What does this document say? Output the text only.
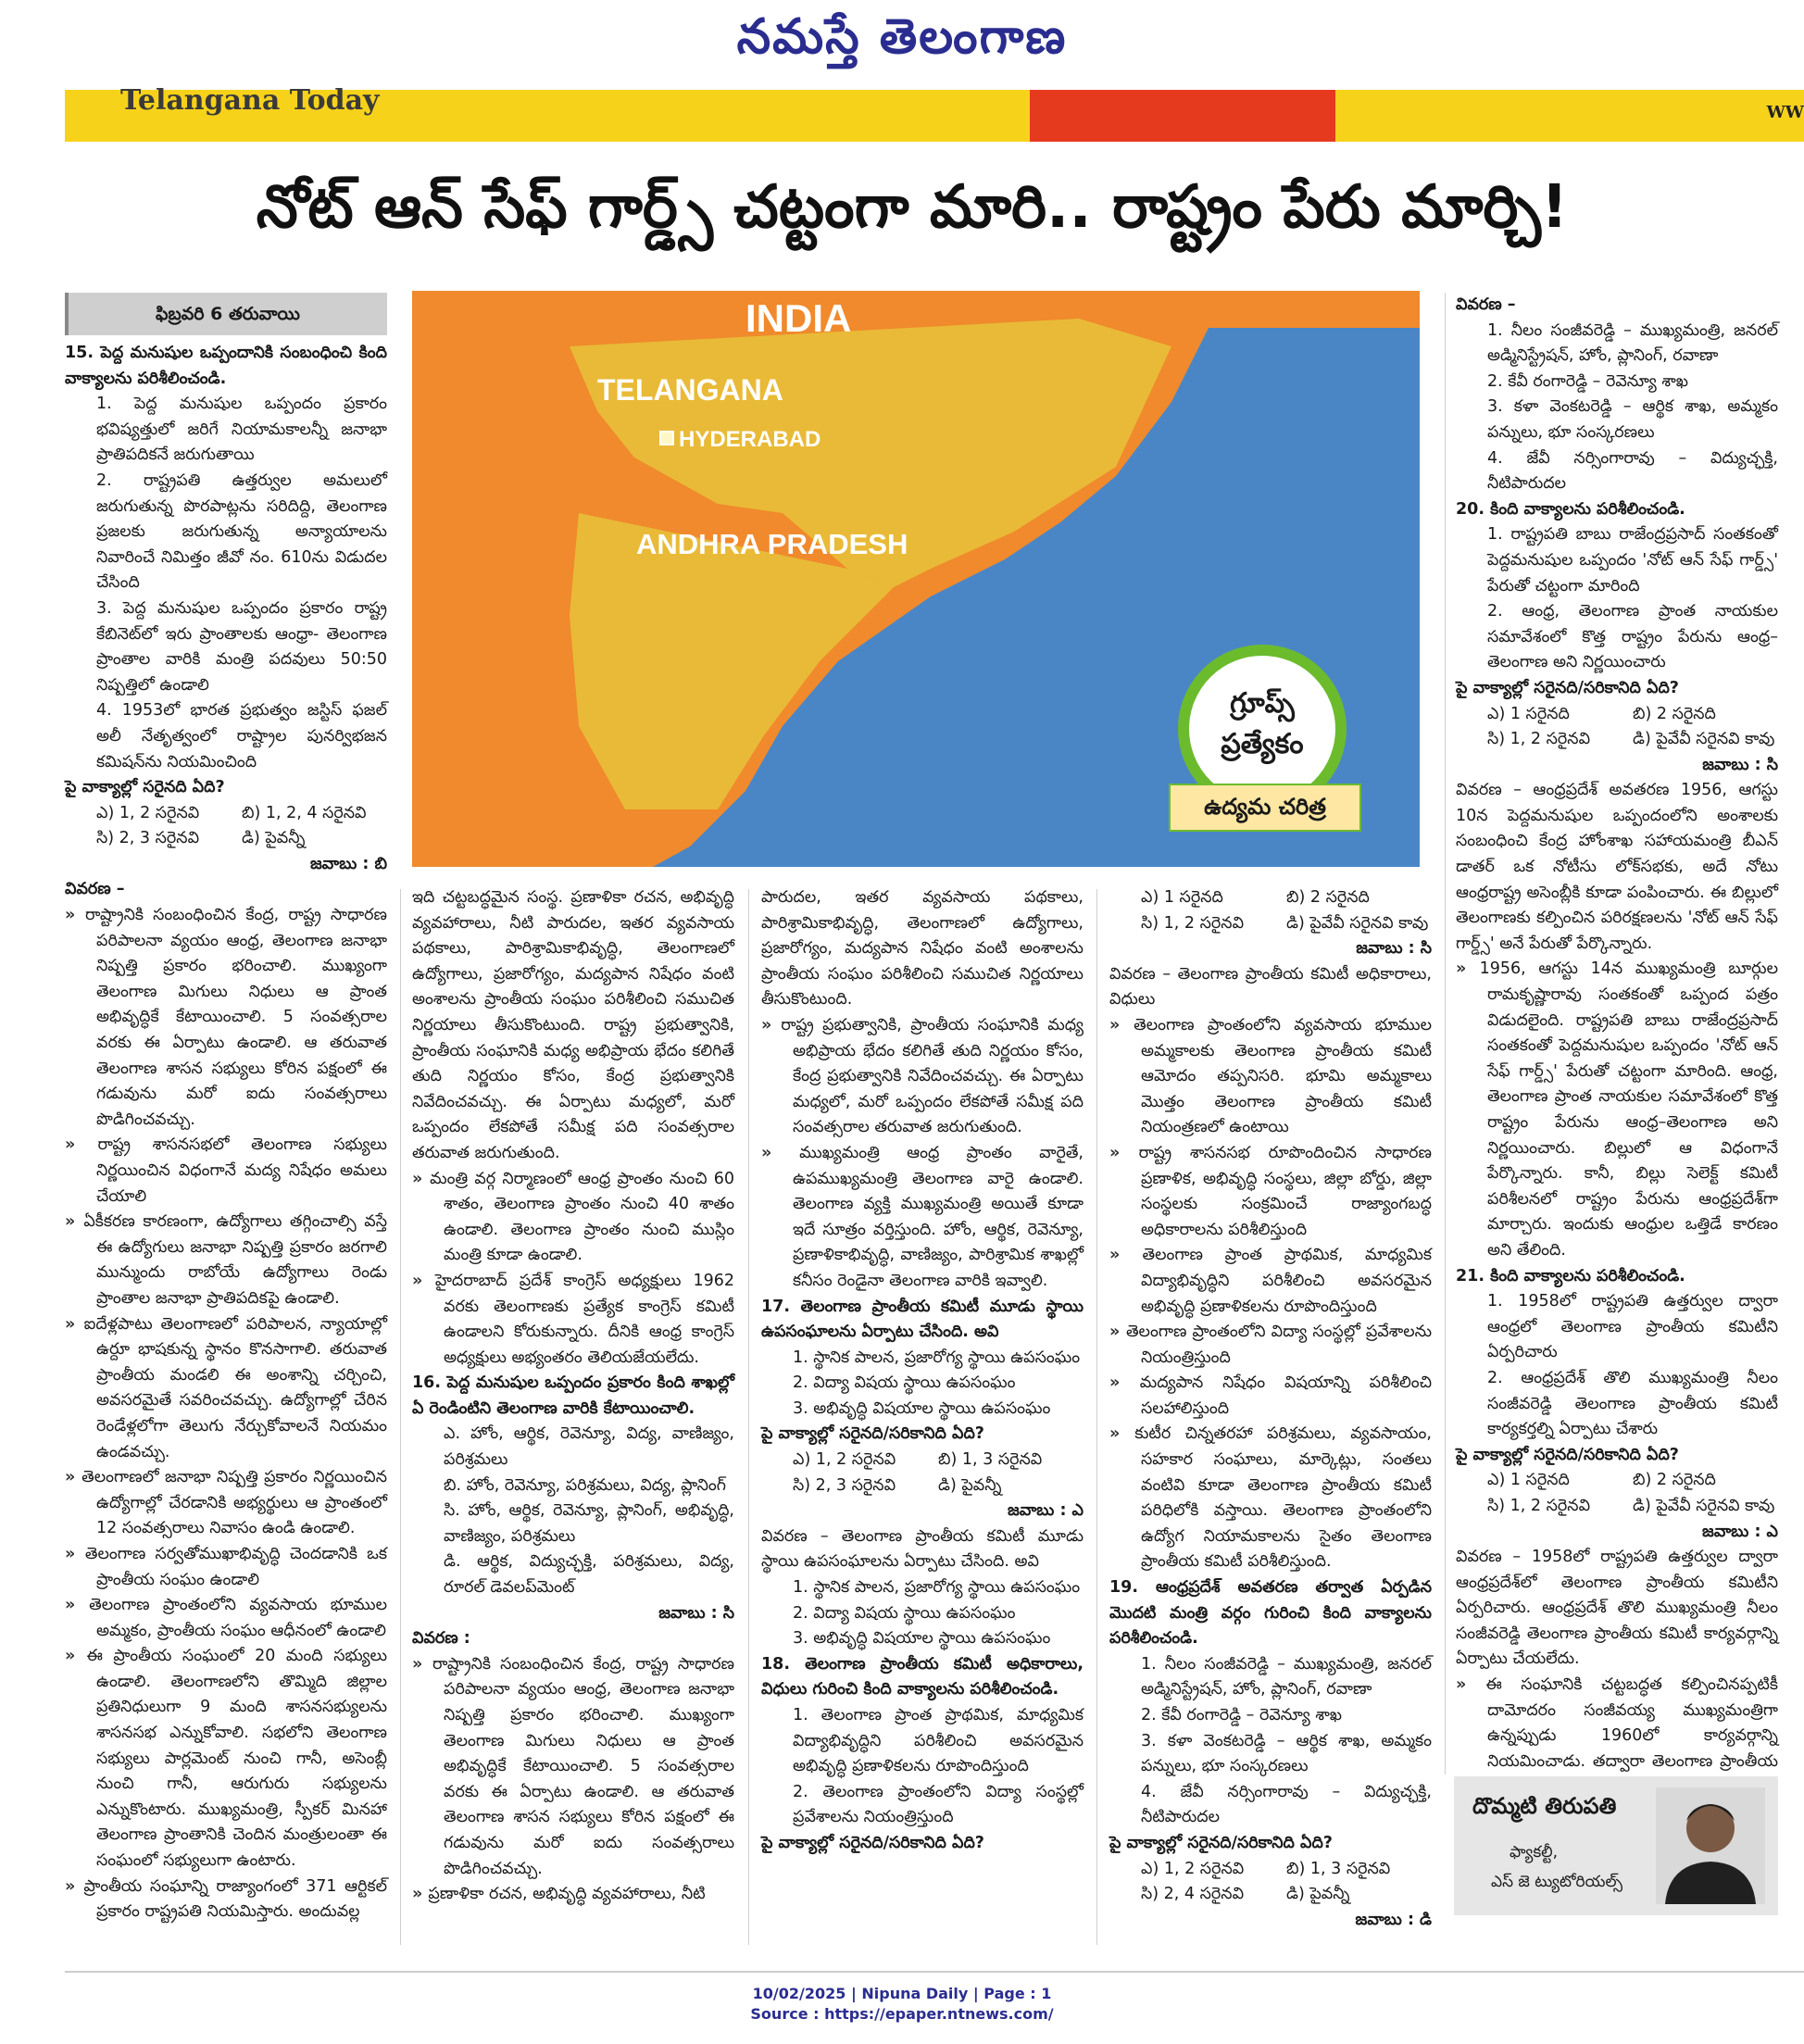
నమస్తే తెలంగాణ
Telangana Today	WW
నోట్ ఆన్ సేఫ్ గార్డ్స్ చట్టంగా మారి.. రాష్ట్రం పేరు మార్చి!
INDIA
TELANGANA
HYDERABAD
ANDHRA PRADESH
గ్రూప్స్
ప్రత్యేకం
ఉద్యమ చరిత్ర
ఫిబ్రవరి 6 తరువాయి

15. పెద్ద మనుషుల ఒప్పందానికి సంబంధించి కింది వాక్యాలను పరిశీలించండి.

1. పెద్ద మనుషుల ఒప్పందం ప్రకారం భవిష్యత్తులో జరిగే నియామకాలన్నీ జనాభా ప్రాతిపదికనే జరుగుతాయి

2. రాష్ట్రపతి ఉత్తర్వుల అమలులో జరుగుతున్న పొరపాట్లను సరిదిద్ది, తెలంగాణ ప్రజలకు జరుగుతున్న అన్యాయాలను నివారించే నిమిత్తం జీవో నం. 610ను విడుదల చేసింది

3. పెద్ద మనుషుల ఒప్పందం ప్రకారం రాష్ట్ర కేబినెట్‌లో ఇరు ప్రాంతాలకు ఆంధ్రా- తెలంగాణ ప్రాంతాల వారికి మంత్రి పదవులు 50:50 నిష్పత్తిలో ఉండాలి

4. 1953లో భారత ప్రభుత్వం జస్టిస్ ఫజల్ అలీ నేతృత్వంలో రాష్ట్రాల పునర్విభజన కమిషన్‌ను నియమించింది

పై వాక్యాల్లో సరైనది ఏది?

ఎ) 1, 2 సరైనవి	బి) 1, 2, 4 సరైనవి
సి) 2, 3 సరైనవి	డి) పైవన్నీ

జవాబు : బి

వివరణ –

» రాష్ట్రానికి సంబంధించిన కేంద్ర, రాష్ట్ర సాధారణ పరిపాలనా వ్యయం ఆంధ్ర, తెలంగాణ జనాభా నిష్పత్తి ప్రకారం భరించాలి. ముఖ్యంగా తెలంగాణ మిగులు నిధులు ఆ ప్రాంత అభివృద్ధికే కేటాయించాలి. 5 సంవత్సరాల వరకు ఈ ఏర్పాటు ఉండాలి. ఆ తరువాత తెలంగాణ శాసన సభ్యులు కోరిన పక్షంలో ఈ గడువును మరో ఐదు సంవత్సరాలు పొడిగించవచ్చు.

» రాష్ట్ర శాసనసభలో తెలంగాణ సభ్యులు నిర్ణయించిన విధంగానే మద్య నిషేధం అమలు చేయాలి

» ఏకీకరణ కారణంగా, ఉద్యోగాలు తగ్గించాల్సి వస్తే ఈ ఉద్యోగులు జనాభా నిష్పత్తి ప్రకారం జరగాలి మున్ముందు రాబోయే ఉద్యోగాలు రెండు ప్రాంతాల జనాభా ప్రాతిపదికపై ఉండాలి.

» ఐదేళ్లపాటు తెలంగాణలో పరిపాలన, న్యాయాల్లో ఉర్దూ భాషకున్న స్థానం కొనసాగాలి. తరువాత ప్రాంతీయ మండలి ఈ అంశాన్ని చర్చించి, అవసరమైతే సవరించవచ్చు. ఉద్యోగాల్లో చేరిన రెండేళ్లలోగా తెలుగు నేర్చుకోవాలనే నియమం ఉండవచ్చు.

» తెలంగాణలో జనాభా నిష్పత్తి ప్రకారం నిర్ణయించిన ఉద్యోగాల్లో చేరడానికి అభ్యర్థులు ఆ ప్రాంతంలో 12 సంవత్సరాలు నివాసం ఉండి ఉండాలి.

» తెలంగాణ సర్వతోముఖాభివృద్ధి చెందడానికి ఒక ప్రాంతీయ సంఘం ఉండాలి

» తెలంగాణ ప్రాంతంలోని వ్యవసాయ భూముల అమ్మకం, ప్రాంతీయ సంఘం ఆధీనంలో ఉండాలి

» ఈ ప్రాంతీయ సంఘంలో 20 మంది సభ్యులు ఉండాలి. తెలంగాణలోని తొమ్మిది జిల్లాల ప్రతినిధులుగా 9 మంది శాసనసభ్యులను శాసనసభ ఎన్నుకోవాలి. సభలోని తెలంగాణ సభ్యులు పార్లమెంట్ నుంచి గానీ, అసెంబ్లీ నుంచి గానీ, ఆరుగురు సభ్యులను ఎన్నుకొంటారు. ముఖ్యమంత్రి, స్పీకర్ మినహా తెలంగాణ ప్రాంతానికి చెందిన మంత్రులంతా ఈ సంఘంలో సభ్యులుగా ఉంటారు.

» ప్రాంతీయ సంఘాన్ని రాజ్యాంగంలో 371 ఆర్టికల్ ప్రకారం రాష్ట్రపతి నియమిస్తారు. అందువల్ల

ఇది చట్టబద్ధమైన సంస్థ. ప్రణాళికా రచన, అభివృద్ధి వ్యవహారాలు, నీటి పారుదల, ఇతర వ్యవసాయ పథకాలు, పారిశ్రామికాభివృద్ధి, తెలంగాణలో ఉద్యోగాలు, ప్రజారోగ్యం, మద్యపాన నిషేధం వంటి అంశాలను ప్రాంతీయ సంఘం పరిశీలించి సముచిత నిర్ణయాలు తీసుకొంటుంది. రాష్ట్ర ప్రభుత్వానికి, ప్రాంతీయ సంఘానికి మధ్య అభిప్రాయ భేదం కలిగితే తుది నిర్ణయం కోసం, కేంద్ర ప్రభుత్వానికి నివేదించవచ్చు. ఈ ఏర్పాటు మధ్యలో, మరో ఒప్పందం లేకపోతే సమీక్ష పది సంవత్సరాల తరువాత జరుగుతుంది.

» మంత్రి వర్గ నిర్మాణంలో ఆంధ్ర ప్రాంతం నుంచి 60 శాతం, తెలంగాణ ప్రాంతం నుంచి 40 శాతం ఉండాలి. తెలంగాణ ప్రాంతం నుంచి ముస్లిం మంత్రి కూడా ఉండాలి.

» హైదరాబాద్ ప్రదేశ్ కాంగ్రెస్ అధ్యక్షులు 1962 వరకు తెలంగాణకు ప్రత్యేక కాంగ్రెస్ కమిటీ ఉండాలని కోరుకున్నారు. దీనికి ఆంధ్ర కాంగ్రెస్ అధ్యక్షులు అభ్యంతరం తెలియజేయలేదు.

16. పెద్ద మనుషుల ఒప్పందం ప్రకారం కింది శాఖల్లో ఏ రెండింటిని తెలంగాణ వారికి కేటాయించాలి.

ఎ. హోం, ఆర్థిక, రెవెన్యూ, విద్య, వాణిజ్యం, పరిశ్రమలు

బి. హోం, రెవెన్యూ, పరిశ్రమలు, విద్య, ప్లానింగ్

సి. హోం, ఆర్థిక, రెవెన్యూ, ప్లానింగ్, అభివృద్ధి, వాణిజ్యం, పరిశ్రమలు

డి. ఆర్థిక, విద్యుచ్ఛక్తి, పరిశ్రమలు, విద్య, రూరల్ డెవలప్‌మెంట్

జవాబు : సి

వివరణ :

» రాష్ట్రానికి సంబంధించిన కేంద్ర, రాష్ట్ర సాధారణ పరిపాలనా వ్యయం ఆంధ్ర, తెలంగాణ జనాభా నిష్పత్తి ప్రకారం భరించాలి. ముఖ్యంగా తెలంగాణ మిగులు నిధులు ఆ ప్రాంత అభివృద్ధికే కేటాయించాలి. 5 సంవత్సరాల వరకు ఈ ఏర్పాటు ఉండాలి. ఆ తరువాత తెలంగాణ శాసన సభ్యులు కోరిన పక్షంలో ఈ గడువును మరో ఐదు సంవత్సరాలు పొడిగించవచ్చు.

» ప్రణాళికా రచన, అభివృద్ధి వ్యవహారాలు, నీటి

పారుదల, ఇతర వ్యవసాయ పథకాలు, పారిశ్రామికాభివృద్ధి, తెలంగాణలో ఉద్యోగాలు, ప్రజారోగ్యం, మద్యపాన నిషేధం వంటి అంశాలను ప్రాంతీయ సంఘం పరిశీలించి సముచిత నిర్ణయాలు తీసుకొంటుంది.

» రాష్ట్ర ప్రభుత్వానికి, ప్రాంతీయ సంఘానికి మధ్య అభిప్రాయ భేదం కలిగితే తుది నిర్ణయం కోసం, కేంద్ర ప్రభుత్వానికి నివేదించవచ్చు. ఈ ఏర్పాటు మధ్యలో, మరో ఒప్పందం లేకపోతే సమీక్ష పది సంవత్సరాల తరువాత జరుగుతుంది.

» ముఖ్యమంత్రి ఆంధ్ర ప్రాంతం వారైతే, ఉపముఖ్యమంత్రి తెలంగాణ వారై ఉండాలి. తెలంగాణ వ్యక్తి ముఖ్యమంత్రి అయితే కూడా ఇదే సూత్రం వర్తిస్తుంది. హోం, ఆర్థిక, రెవెన్యూ, ప్రణాళికాభివృద్ధి, వాణిజ్యం, పారిశ్రామిక శాఖల్లో కనీసం రెండైనా తెలంగాణ వారికి ఇవ్వాలి.

17. తెలంగాణ ప్రాంతీయ కమిటీ మూడు స్థాయి ఉపసంఘాలను ఏర్పాటు చేసింది. అవి

1. స్థానిక పాలన, ప్రజారోగ్య స్థాయి ఉపసంఘం

2. విద్యా విషయ స్థాయి ఉపసంఘం

3. అభివృద్ధి విషయాల స్థాయి ఉపసంఘం

పై వాక్యాల్లో సరైనది/సరికానిది ఏది?

ఎ) 1, 2 సరైనవి	బి) 1, 3 సరైనవి
సి) 2, 3 సరైనవి	డి) పైవన్నీ

జవాబు : ఎ

వివరణ – తెలంగాణ ప్రాంతీయ కమిటీ మూడు స్థాయి ఉపసంఘాలను ఏర్పాటు చేసింది. అవి

1. స్థానిక పాలన, ప్రజారోగ్య స్థాయి ఉపసంఘం

2. విద్యా విషయ స్థాయి ఉపసంఘం

3. అభివృద్ధి విషయాల స్థాయి ఉపసంఘం

18. తెలంగాణ ప్రాంతీయ కమిటీ అధికారాలు, విధులు గురించి కింది వాక్యాలను పరిశీలించండి.

1. తెలంగాణ ప్రాంత ప్రాథమిక, మాధ్యమిక విద్యాభివృద్ధిని పరిశీలించి అవసరమైన అభివృద్ధి ప్రణాళికలను రూపొందిస్తుంది

2. తెలంగాణ ప్రాంతంలోని విద్యా సంస్థల్లో ప్రవేశాలను నియంత్రిస్తుంది

పై వాక్యాల్లో సరైనది/సరికానిది ఏది?

ఎ) 1 సరైనది	బి) 2 సరైనది
సి) 1, 2 సరైనవి	డి) పైవేవీ సరైనవి కావు

జవాబు : సి

వివరణ – తెలంగాణ ప్రాంతీయ కమిటీ అధికారాలు, విధులు

» తెలంగాణ ప్రాంతంలోని వ్యవసాయ భూముల అమ్మకాలకు తెలంగాణ ప్రాంతీయ కమిటీ ఆమోదం తప్పనిసరి. భూమి అమ్మకాలు మొత్తం తెలంగాణ ప్రాంతీయ కమిటీ నియంత్రణలో ఉంటాయి

» రాష్ట్ర శాసనసభ రూపొందించిన సాధారణ ప్రణాళిక, అభివృద్ధి సంస్థలు, జిల్లా బోర్డు, జిల్లా సంస్థలకు సంక్రమించే రాజ్యాంగబద్ధ అధికారాలను పరిశీలిస్తుంది

» తెలంగాణ ప్రాంత ప్రాథమిక, మాధ్యమిక విద్యాభివృద్ధిని పరిశీలించి అవసరమైన అభివృద్ధి ప్రణాళికలను రూపొందిస్తుంది

» తెలంగాణ ప్రాంతంలోని విద్యా సంస్థల్లో ప్రవేశాలను నియంత్రిస్తుంది

» మద్యపాన నిషేధం విషయాన్ని పరిశీలించి సలహాలిస్తుంది

» కుటీర చిన్నతరహా పరిశ్రమలు, వ్యవసాయం, సహకార సంఘాలు, మార్కెట్లు, సంతలు వంటివి కూడా తెలంగాణ ప్రాంతీయ కమిటీ పరిధిలోకి వస్తాయి. తెలంగాణ ప్రాంతంలోని ఉద్యోగ నియామకాలను సైతం తెలంగాణ ప్రాంతీయ కమిటీ పరిశీలిస్తుంది.

19. ఆంధ్రప్రదేశ్ అవతరణ తర్వాత ఏర్పడిన మొదటి మంత్రి వర్గం గురించి కింది వాక్యాలను పరిశీలించండి.

1. నీలం సంజీవరెడ్డి – ముఖ్యమంత్రి, జనరల్ అడ్మినిస్ట్రేషన్, హోం, ప్లానింగ్, రవాణా

2. కేవీ రంగారెడ్డి – రెవెన్యూ శాఖ

3. కళా వెంకటరెడ్డి – ఆర్థిక శాఖ, అమ్మకం పన్నులు, భూ సంస్కరణలు

4. జేవీ నర్సింగారావు – విద్యుచ్ఛక్తి, నీటిపారుదల

పై వాక్యాల్లో సరైనది/సరికానిది ఏది?

ఎ) 1, 2 సరైనవి	బి) 1, 3 సరైనవి
సి) 2, 4 సరైనవి	డి) పైవన్నీ

జవాబు : డి

వివరణ –

1. నీలం సంజీవరెడ్డి – ముఖ్యమంత్రి, జనరల్ అడ్మినిస్ట్రేషన్, హోం, ప్లానింగ్, రవాణా

2. కేవీ రంగారెడ్డి – రెవెన్యూ శాఖ

3. కళా వెంకటరెడ్డి – ఆర్థిక శాఖ, అమ్మకం పన్నులు, భూ సంస్కరణలు

4. జేవీ నర్సింగారావు – విద్యుచ్ఛక్తి, నీటిపారుదల

20. కింది వాక్యాలను పరిశీలించండి.

1. రాష్ట్రపతి బాబు రాజేంద్రప్రసాద్ సంతకంతో పెద్దమనుషుల ఒప్పందం 'నోట్ ఆన్ సేఫ్ గార్డ్స్' పేరుతో చట్టంగా మారింది

2. ఆంధ్ర, తెలంగాణ ప్రాంత నాయకుల సమావేశంలో కొత్త రాష్ట్రం పేరును ఆంధ్ర–తెలంగాణ అని నిర్ణయించారు

పై వాక్యాల్లో సరైనది/సరికానిది ఏది?

ఎ) 1 సరైనది	బి) 2 సరైనది
సి) 1, 2 సరైనవి	డి) పైవేవీ సరైనవి కావు

జవాబు : సి

వివరణ – ఆంధ్రప్రదేశ్ అవతరణ 1956, ఆగస్టు 10న పెద్దమనుషుల ఒప్పందంలోని అంశాలకు సంబంధించి కేంద్ర హోంశాఖ సహాయమంత్రి బీఎన్ డాతర్ ఒక నోటీసు లోక్‌సభకు, అదే నోటు ఆంధ్రరాష్ట్ర అసెంబ్లీకి కూడా పంపించారు. ఈ బిల్లులో తెలంగాణకు కల్పించిన పరిరక్షణలను 'నోట్ ఆన్ సేఫ్ గార్డ్స్' అనే పేరుతో పేర్కొన్నారు.

» 1956, ఆగస్టు 14న ముఖ్యమంత్రి బూర్గుల రామకృష్ణారావు సంతకంతో ఒప్పంద పత్రం విడుదలైంది. రాష్ట్రపతి బాబు రాజేంద్రప్రసాద్ సంతకంతో పెద్దమనుషుల ఒప్పందం 'నోట్ ఆన్ సేఫ్ గార్డ్స్' పేరుతో చట్టంగా మారింది. ఆంధ్ర, తెలంగాణ ప్రాంత నాయకుల సమావేశంలో కొత్త రాష్ట్రం పేరును ఆంధ్ర–తెలంగాణ అని నిర్ణయించారు. బిల్లులో ఆ విధంగానే పేర్కొన్నారు. కానీ, బిల్లు సెలెక్ట్ కమిటీ పరిశీలనలో రాష్ట్రం పేరును ఆంధ్రప్రదేశ్‌గా మార్చారు. ఇందుకు ఆంధ్రుల ఒత్తిడే కారణం అని తేలింది.

21. కింది వాక్యాలను పరిశీలించండి.

1. 1958లో రాష్ట్రపతి ఉత్తర్వుల ద్వారా ఆంధ్రలో తెలంగాణ ప్రాంతీయ కమిటీని ఏర్పరిచారు

2. ఆంధ్రప్రదేశ్ తొలి ముఖ్యమంత్రి నీలం సంజీవరెడ్డి తెలంగాణ ప్రాంతీయ కమిటీ కార్యకర్తల్ని ఏర్పాటు చేశారు

పై వాక్యాల్లో సరైనది/సరికానిది ఏది?

ఎ) 1 సరైనది	బి) 2 సరైనది
సి) 1, 2 సరైనవి	డి) పైవేవీ సరైనవి కావు

జవాబు : ఎ

వివరణ – 1958లో రాష్ట్రపతి ఉత్తర్వుల ద్వారా ఆంధ్రప్రదేశ్‌లో తెలంగాణ ప్రాంతీయ కమిటీని ఏర్పరిచారు. ఆంధ్రప్రదేశ్ తొలి ముఖ్యమంత్రి నీలం సంజీవరెడ్డి తెలంగాణ ప్రాంతీయ కమిటీ కార్యవర్గాన్ని ఏర్పాటు చేయలేదు.

» ఈ సంఘానికి చట్టబద్ధత కల్పించినప్పటికీ దామోదరం సంజీవయ్య ముఖ్యమంత్రిగా ఉన్నప్పుడు 1960లో కార్యవర్గాన్ని నియమించాడు. తద్వారా తెలంగాణ ప్రాంతీయ

దొమ్మటి తిరుపతి
ఫ్యాకల్టీ,
ఎస్ జె ట్యుటోరియల్స్
10/02/2025 | Nipuna Daily | Page : 1
Source : https://epaper.ntnews.com/
